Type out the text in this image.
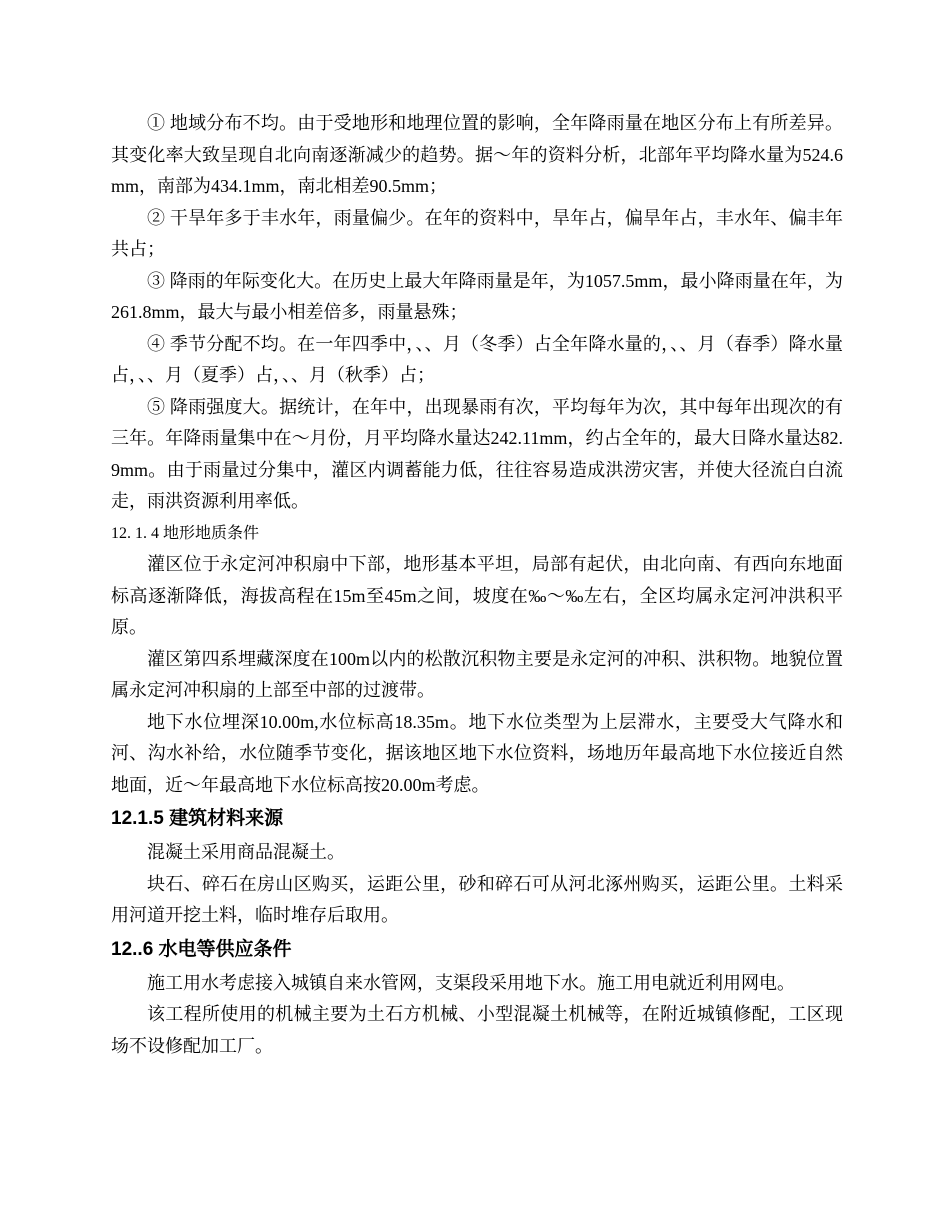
① 地域分布不均。由于受地形和地理位置的影响，全年降雨量在地区分布上有所差异。其变化率大致呈现自北向南逐渐减少的趋势。据～年的资料分析，北部年平均降水量为524.6mm，南部为434.1mm，南北相差90.5mm；

② 干旱年多于丰水年，雨量偏少。在年的资料中，旱年占，偏旱年占，丰水年、偏丰年共占；

③ 降雨的年际变化大。在历史上最大年降雨量是年，为1057.5mm，最小降雨量在年，为261.8mm，最大与最小相差倍多，雨量悬殊；

④ 季节分配不均。在一年四季中，、、月（冬季）占全年降水量的，、、月（春季）降水量占，、、月（夏季）占，、、月（秋季）占；

⑤ 降雨强度大。据统计，在年中，出现暴雨有次，平均每年为次，其中每年出现次的有三年。年降雨量集中在～月份，月平均降水量达242.11mm，约占全年的，最大日降水量达82.9mm。由于雨量过分集中，灌区内调蓄能力低，往往容易造成洪涝灾害，并使大径流白白流走，雨洪资源利用率低。

12. 1. 4 地形地质条件

灌区位于永定河冲积扇中下部，地形基本平坦，局部有起伏，由北向南、有西向东地面标高逐渐降低，海拔高程在15m至45m之间，坡度在‰～‰左右，全区均属永定河冲洪积平原。

灌区第四系埋藏深度在100m以内的松散沉积物主要是永定河的冲积、洪积物。地貌位置属永定河冲积扇的上部至中部的过渡带。

地下水位埋深10.00m,水位标高18.35m。地下水位类型为上层滞水，主要受大气降水和河、沟水补给，水位随季节变化，据该地区地下水位资料，场地历年最高地下水位接近自然地面，近～年最高地下水位标高按20.00m考虑。

12.1.5 建筑材料来源

混凝土采用商品混凝土。

块石、碎石在房山区购买，运距公里，砂和碎石可从河北涿州购买，运距公里。土料采用河道开挖土料，临时堆存后取用。

12..6 水电等供应条件

施工用水考虑接入城镇自来水管网，支渠段采用地下水。施工用电就近利用网电。

该工程所使用的机械主要为土石方机械、小型混凝土机械等，在附近城镇修配，工区现场不设修配加工厂。
